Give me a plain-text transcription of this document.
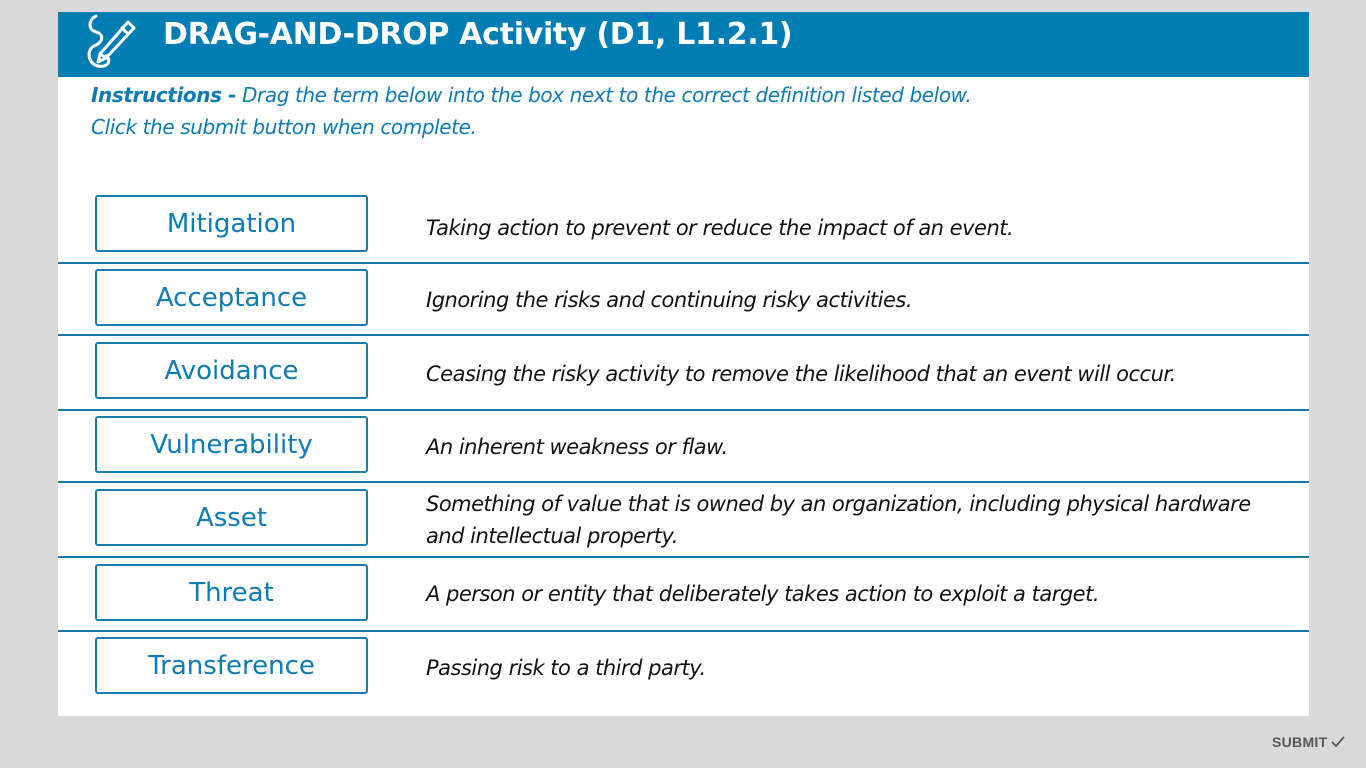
DRAG-AND-DROP Activity (D1, L1.2.1)
Instructions - Drag the term below into the box next to the correct definition listed below.
Click the submit button when complete.
Mitigation	Taking action to prevent or reduce the impact of an event.
Acceptance	Ignoring the risks and continuing risky activities.
Avoidance	Ceasing the risky activity to remove the likelihood that an event will occur.
Vulnerability	An inherent weakness or flaw.
Asset	Something of value that is owned by an organization, including physical hardware and intellectual property.
Threat	A person or entity that deliberately takes action to exploit a target.
Transference	Passing risk to a third party.
SUBMIT
